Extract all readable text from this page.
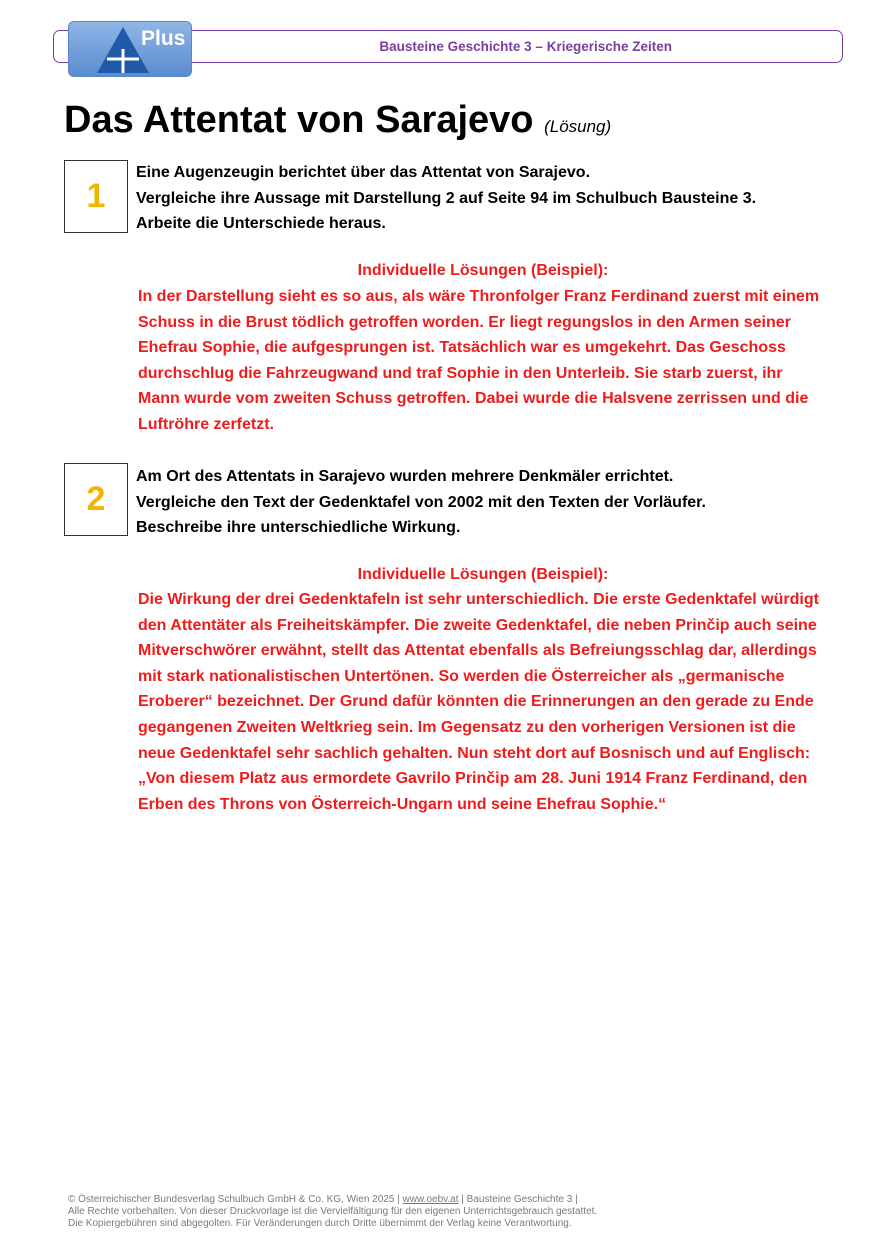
Bausteine Geschichte 3 – Kriegerische Zeiten
Plus
Das Attentat von Sarajevo (Lösung)
1

Eine Augenzeugin berichtet über das Attentat von Sarajevo.

Vergleiche ihre Aussage mit Darstellung 2 auf Seite 94 im Schulbuch Bausteine 3.

Arbeite die Unterschiede heraus.

Individuelle Lösungen (Beispiel):

In der Darstellung sieht es so aus, als wäre Thronfolger Franz Ferdinand zuerst mit einem Schuss in die Brust tödlich getroffen worden. Er liegt regungslos in den Armen seiner Ehefrau Sophie, die aufgesprungen ist. Tatsächlich war es umgekehrt. Das Geschoss durchschlug die Fahrzeugwand und traf Sophie in den Unterleib. Sie starb zuerst, ihr Mann wurde vom zweiten Schuss getroffen. Dabei wurde die Halsvene zerrissen und die Luftröhre zerfetzt.

2

Am Ort des Attentats in Sarajevo wurden mehrere Denkmäler errichtet.

Vergleiche den Text der Gedenktafel von 2002 mit den Texten der Vorläufer.

Beschreibe ihre unterschiedliche Wirkung.

Individuelle Lösungen (Beispiel):

Die Wirkung der drei Gedenktafeln ist sehr unterschiedlich. Die erste Gedenktafel würdigt den Attentäter als Freiheitskämpfer. Die zweite Gedenktafel, die neben Prinčip auch seine Mitverschwörer erwähnt, stellt das Attentat ebenfalls als Befreiungsschlag dar, allerdings mit stark nationalistischen Untertönen. So werden die Österreicher als „germanische Eroberer“ bezeichnet. Der Grund dafür könnten die Erinnerungen an den gerade zu Ende gegangenen Zweiten Weltkrieg sein. Im Gegensatz zu den vorherigen Versionen ist die neue Gedenktafel sehr sachlich gehalten. Nun steht dort auf Bosnisch und auf Englisch: „Von diesem Platz aus ermordete Gavrilo Prinčip am 28. Juni 1914 Franz Ferdinand, den Erben des Throns von Österreich-Ungarn und seine Ehefrau Sophie.“

© Österreichischer Bundesverlag Schulbuch GmbH & Co. KG, Wien 2025 | www.oebv.at | Bausteine Geschichte 3 |

Alle Rechte vorbehalten. Von dieser Druckvorlage ist die Vervielfältigung für den eigenen Unterrichtsgebrauch gestattet.

Die Kopiergebühren sind abgegolten. Für Veränderungen durch Dritte übernimmt der Verlag keine Verantwortung.
